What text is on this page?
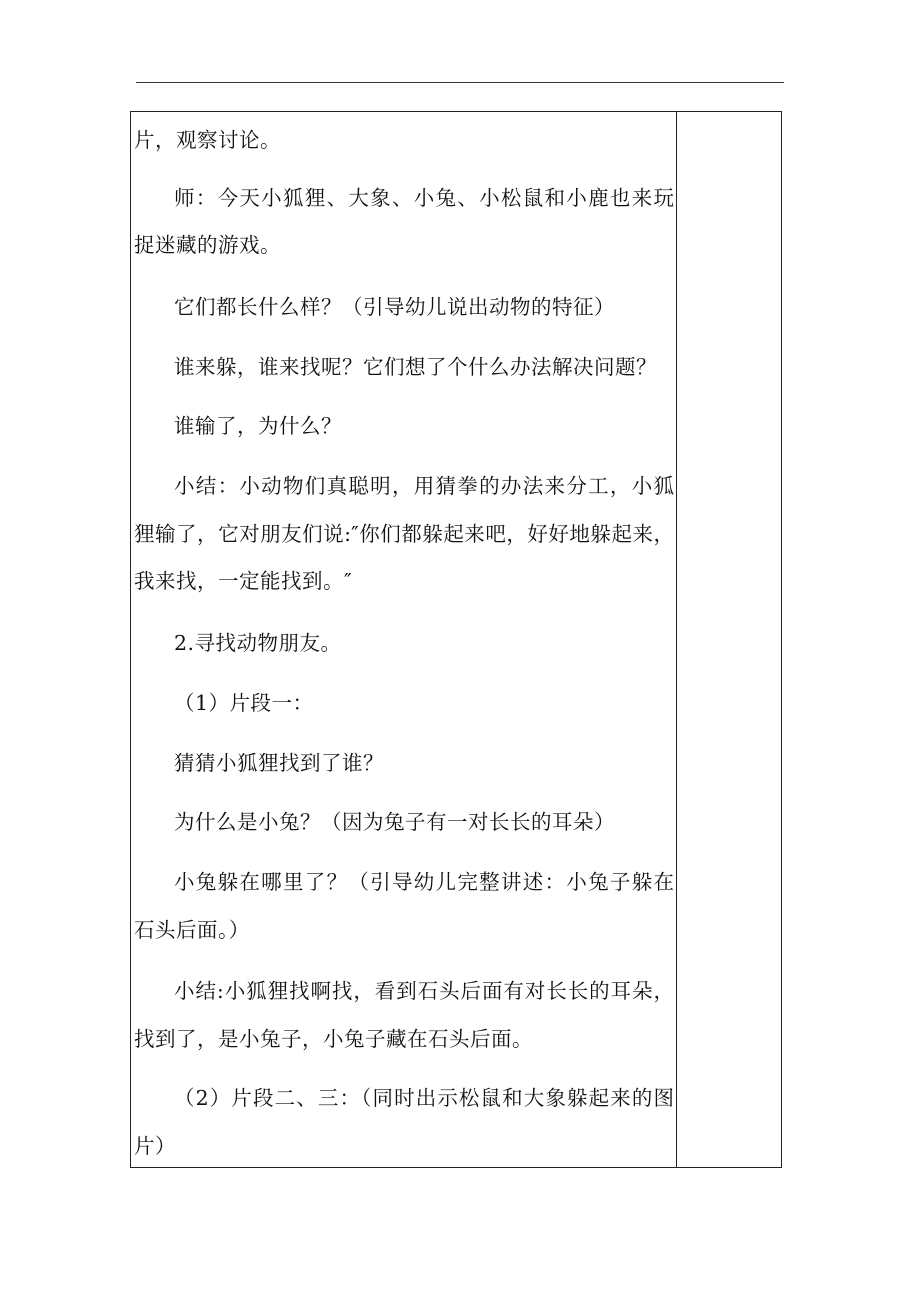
片，观察讨论。
师：今天小狐狸、大象、小兔、小松鼠和小鹿也来玩
捉迷藏的游戏。
它们都长什么样？（引导幼儿说出动物的特征）
谁来躲，谁来找呢？它们想了个什么办法解决问题？
谁输了，为什么？
小结：小动物们真聪明，用猜拳的办法来分工，小狐
狸输了，它对朋友们说:″你们都躲起来吧，好好地躲起来，
我来找，一定能找到。″
2.寻找动物朋友。
（1）片段一：
猜猜小狐狸找到了谁？
为什么是小兔？（因为兔子有一对长长的耳朵）
小兔躲在哪里了？（引导幼儿完整讲述：小兔子躲在
石头后面。）
小结:小狐狸找啊找，看到石头后面有对长长的耳朵，
找到了，是小兔子，小兔子藏在石头后面。
（2）片段二、三：（同时出示松鼠和大象躲起来的图
片）
